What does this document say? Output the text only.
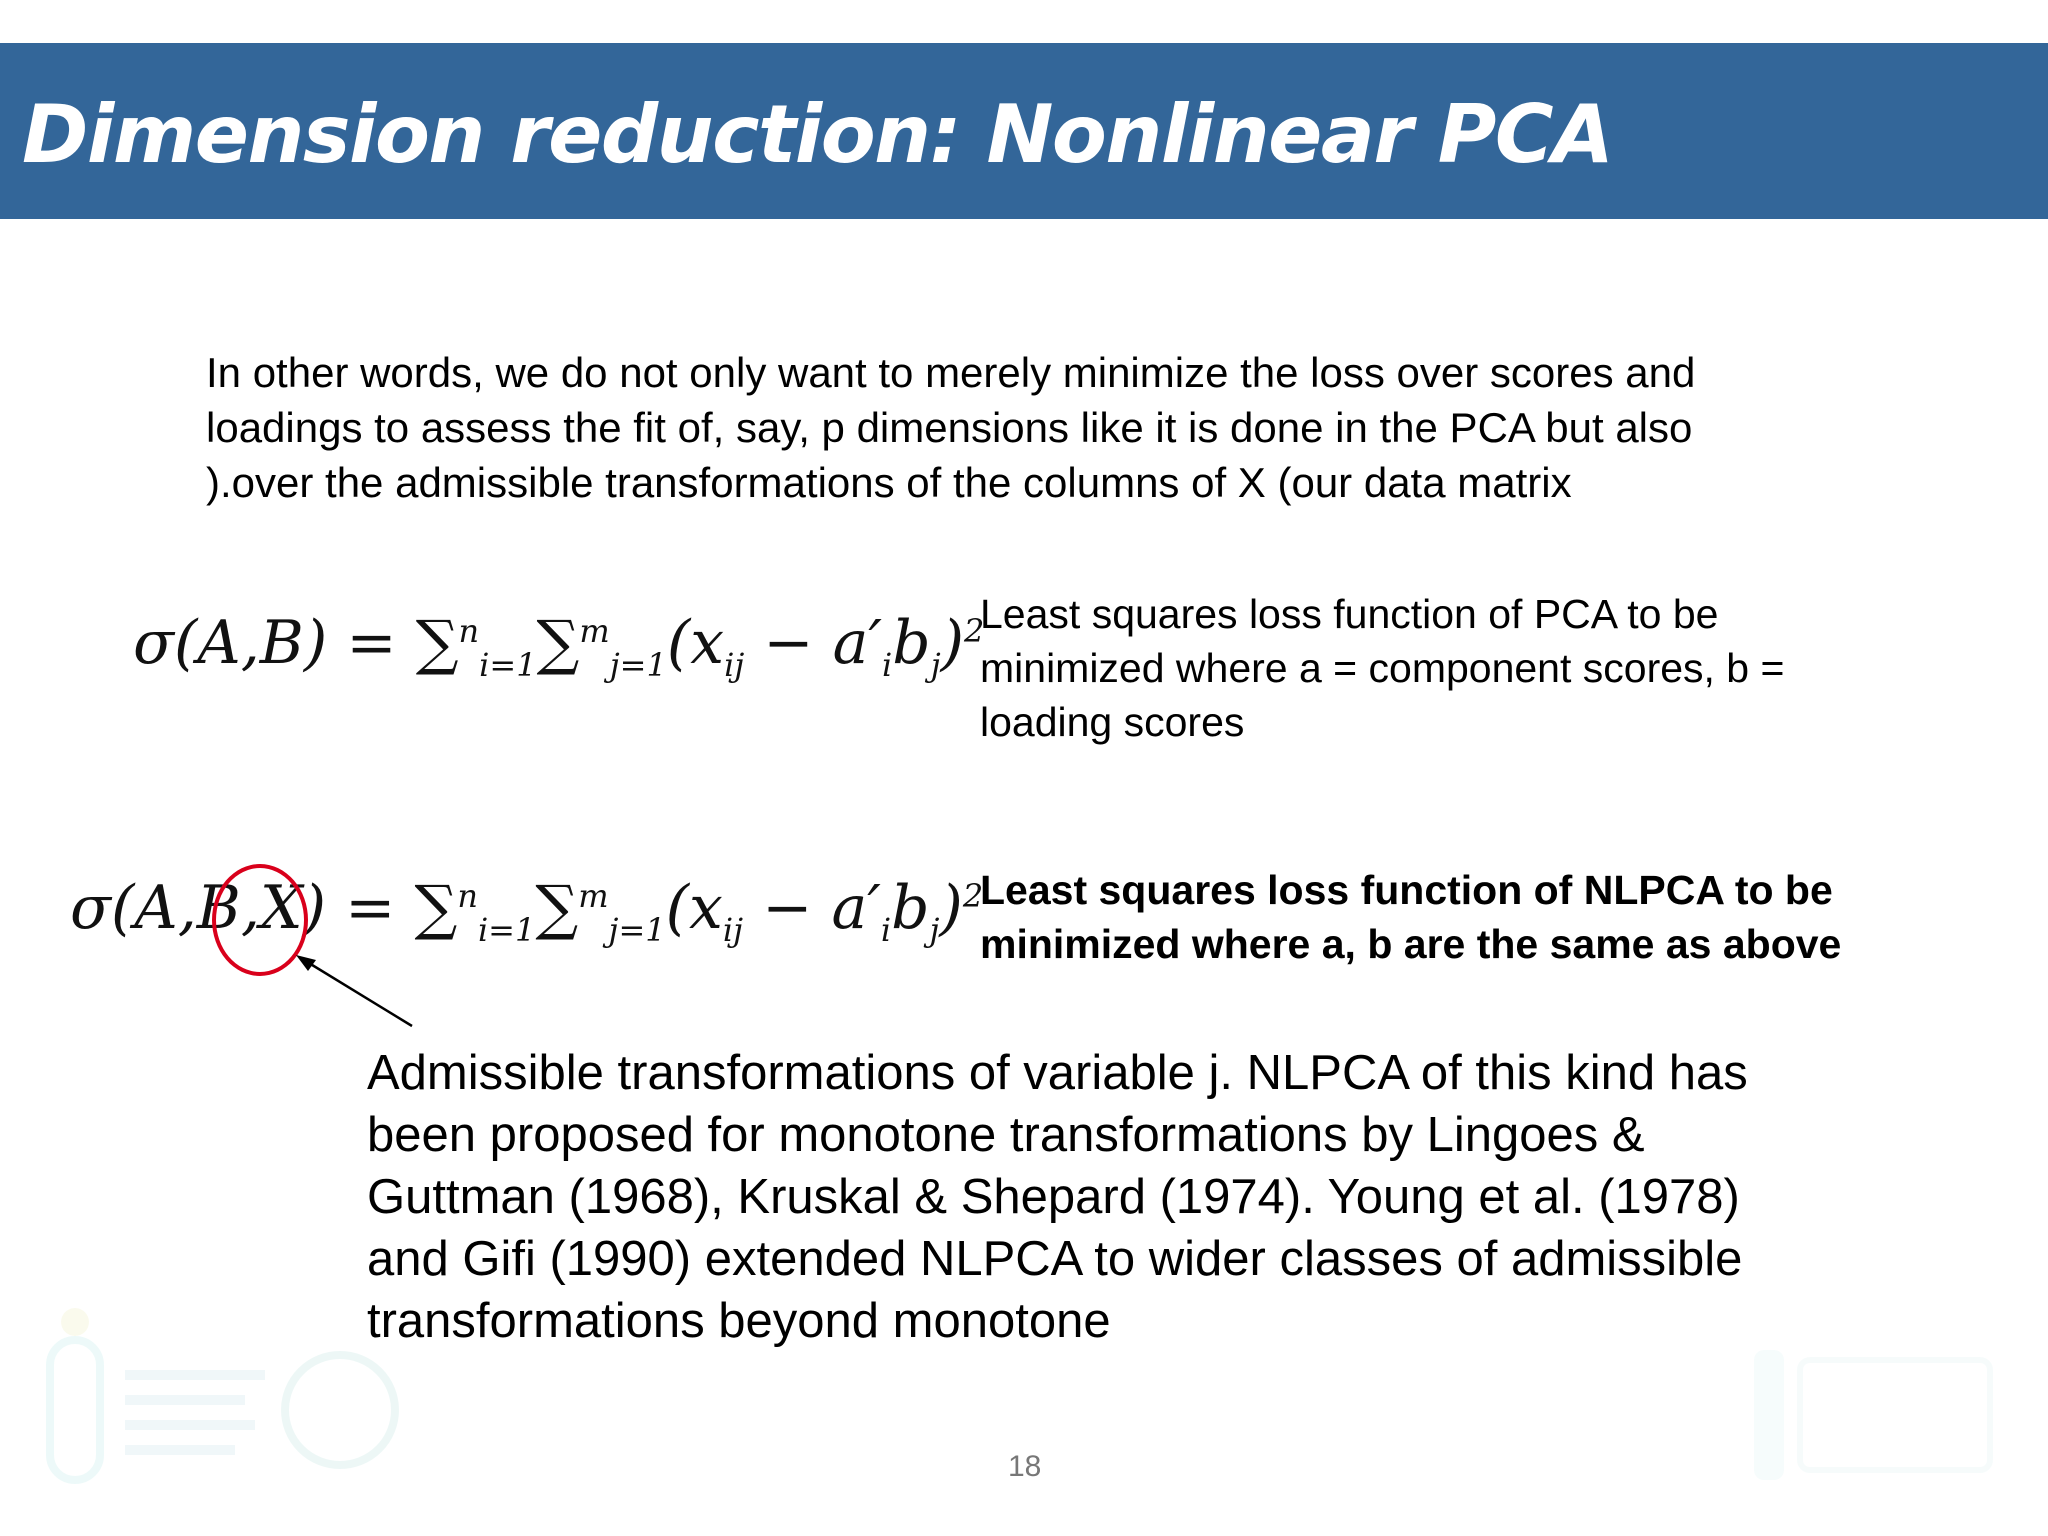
Dimension reduction: Nonlinear PCA

In other words, we do not only want to merely minimize the loss over scores and

loadings to assess the fit of, say, p dimensions like it is done in the PCA but also

).over the admissible transformations of the columns of X (our data matrix

$\sigma(A,B) = \sum^n_{i=1}\sum^m_{j=1}(x_{ij} - a'_ib_j)^2$

Least squares loss function of PCA to be

minimized where a = component scores, b =

loading scores

$\sigma(A,B,X) = \sum^n_{i=1}\sum^m_{j=1}(x_{ij} - a'_ib_j)^2$

Least squares loss function of NLPCA to be

minimized where a, b are the same as above

Admissible transformations of variable j. NLPCA of this kind has

been proposed for monotone transformations by Lingoes &

Guttman (1968), Kruskal & Shepard (1974). Young et al. (1978)

and Gifi (1990) extended NLPCA to wider classes of admissible

transformations beyond monotone

18
